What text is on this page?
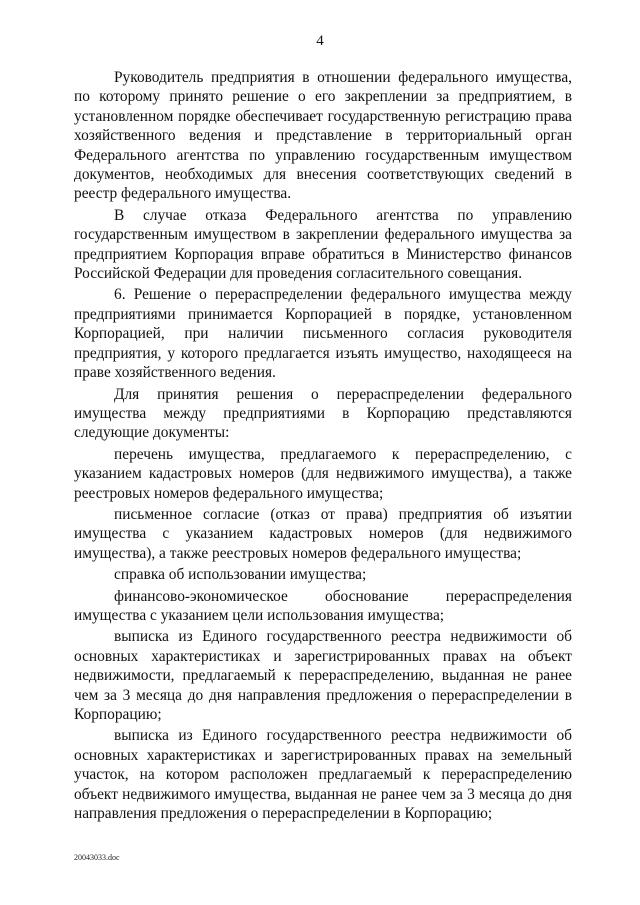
4

Руководитель предприятия в отношении федерального имущества, по которому принято решение о его закреплении за предприятием, в установленном порядке обеспечивает государственную регистрацию права хозяйственного ведения и представление в территориальный орган Федерального агентства по управлению государственным имуществом документов, необходимых для внесения соответствующих сведений в реестр федерального имущества.

В случае отказа Федерального агентства по управлению государственным имуществом в закреплении федерального имущества за предприятием Корпорация вправе обратиться в Министерство финансов Российской Федерации для проведения согласительного совещания.

6. Решение о перераспределении федерального имущества между предприятиями принимается Корпорацией в порядке, установленном Корпорацией, при наличии письменного согласия руководителя предприятия, у которого предлагается изъять имущество, находящееся на праве хозяйственного ведения.

Для принятия решения о перераспределении федерального имущества между предприятиями в Корпорацию представляются следующие документы:

перечень имущества, предлагаемого к перераспределению, с указанием кадастровых номеров (для недвижимого имущества), а также реестровых номеров федерального имущества;

письменное согласие (отказ от права) предприятия об изъятии имущества с указанием кадастровых номеров (для недвижимого имущества), а также реестровых номеров федерального имущества;

справка об использовании имущества;

финансово-экономическое обоснование перераспределения имущества с указанием цели использования имущества;

выписка из Единого государственного реестра недвижимости об основных характеристиках и зарегистрированных правах на объект недвижимости, предлагаемый к перераспределению, выданная не ранее чем за 3 месяца до дня направления предложения о перераспределении в Корпорацию;

выписка из Единого государственного реестра недвижимости об основных характеристиках и зарегистрированных правах на земельный участок, на котором расположен предлагаемый к перераспределению объект недвижимого имущества, выданная не ранее чем за 3 месяца до дня направления предложения о перераспределении в Корпорацию;

20043033.doc
